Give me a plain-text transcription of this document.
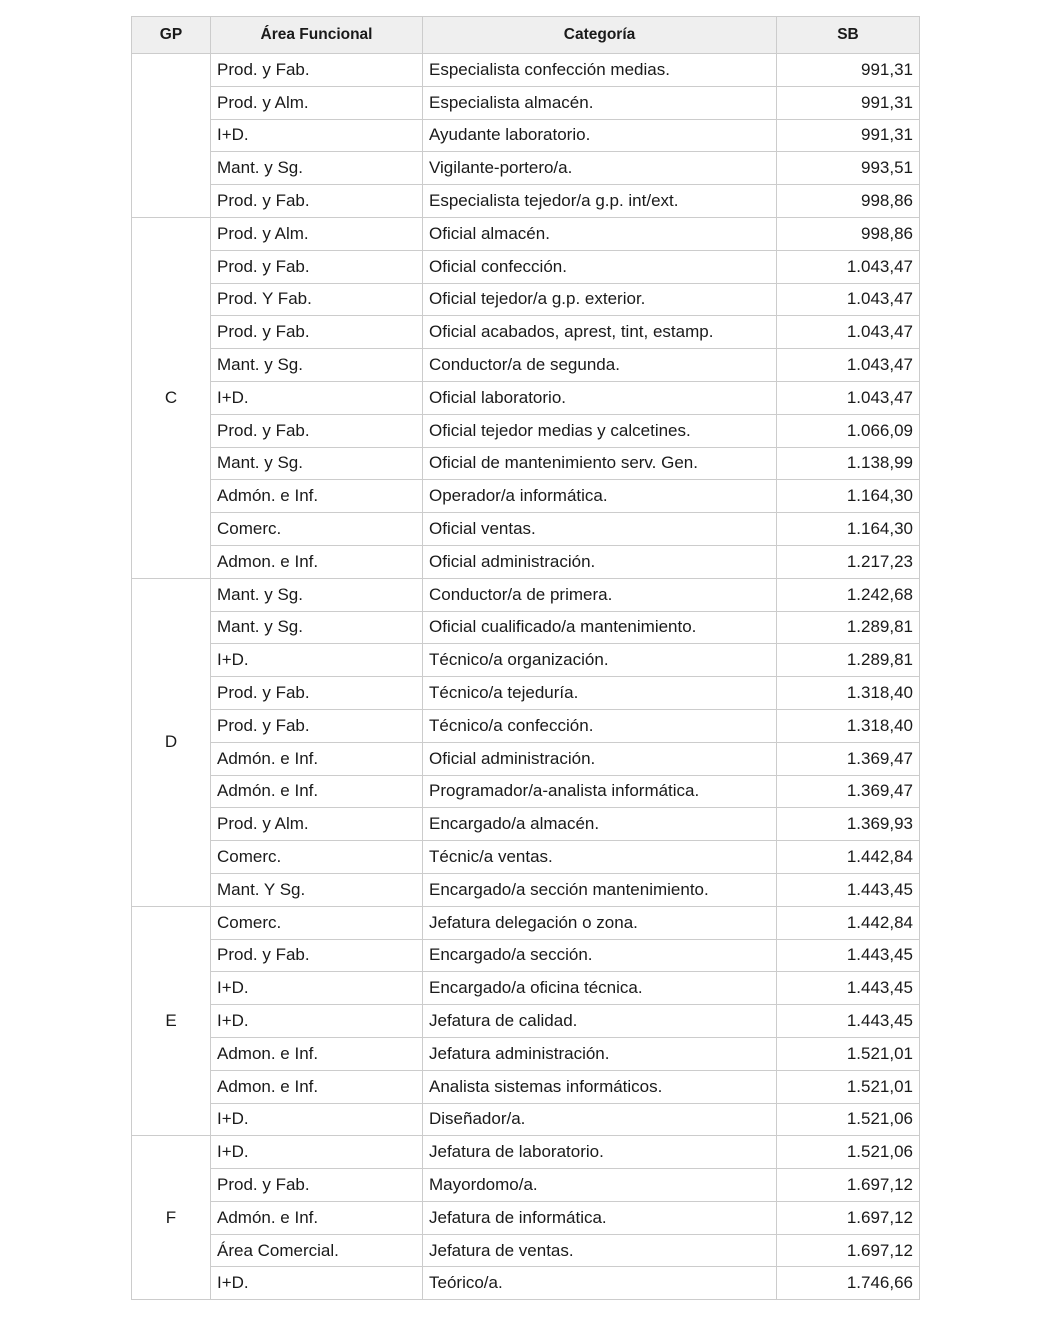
GP	Área Funcional	Categoría	SB
	Prod. y Fab.	Especialista confección medias.	991,31
	Prod. y Alm.	Especialista almacén.	991,31
	I+D.	Ayudante laboratorio.	991,31
	Mant. y Sg.	Vigilante-portero/a.	993,51
	Prod. y Fab.	Especialista tejedor/a g.p. int/ext.	998,86
C	Prod. y Alm.	Oficial almacén.	998,86
	Prod. y Fab.	Oficial confección.	1.043,47
	Prod. Y Fab.	Oficial tejedor/a g.p. exterior.	1.043,47
	Prod. y Fab.	Oficial acabados, aprest, tint, estamp.	1.043,47
	Mant. y Sg.	Conductor/a de segunda.	1.043,47
	I+D.	Oficial laboratorio.	1.043,47
	Prod. y Fab.	Oficial tejedor medias y calcetines.	1.066,09
	Mant. y Sg.	Oficial de mantenimiento serv. Gen.	1.138,99
	Admón. e Inf.	Operador/a informática.	1.164,30
	Comerc.	Oficial ventas.	1.164,30
	Admon. e Inf.	Oficial administración.	1.217,23
D	Mant. y Sg.	Conductor/a de primera.	1.242,68
	Mant. y Sg.	Oficial cualificado/a mantenimiento.	1.289,81
	I+D.	Técnico/a organización.	1.289,81
	Prod. y Fab.	Técnico/a tejeduría.	1.318,40
	Prod. y Fab.	Técnico/a confección.	1.318,40
	Admón. e Inf.	Oficial administración.	1.369,47
	Admón. e Inf.	Programador/a-analista informática.	1.369,47
	Prod. y Alm.	Encargado/a almacén.	1.369,93
	Comerc.	Técnic/a ventas.	1.442,84
	Mant. Y Sg.	Encargado/a sección mantenimiento.	1.443,45
E	Comerc.	Jefatura delegación o zona.	1.442,84
	Prod. y Fab.	Encargado/a sección.	1.443,45
	I+D.	Encargado/a oficina técnica.	1.443,45
	I+D.	Jefatura de calidad.	1.443,45
	Admon. e Inf.	Jefatura administración.	1.521,01
	Admon. e Inf.	Analista sistemas informáticos.	1.521,01
	I+D.	Diseñador/a.	1.521,06
F	I+D.	Jefatura de laboratorio.	1.521,06
	Prod. y Fab.	Mayordomo/a.	1.697,12
	Admón. e Inf.	Jefatura de informática.	1.697,12
	Área Comercial.	Jefatura de ventas.	1.697,12
	I+D.	Teórico/a.	1.746,66
